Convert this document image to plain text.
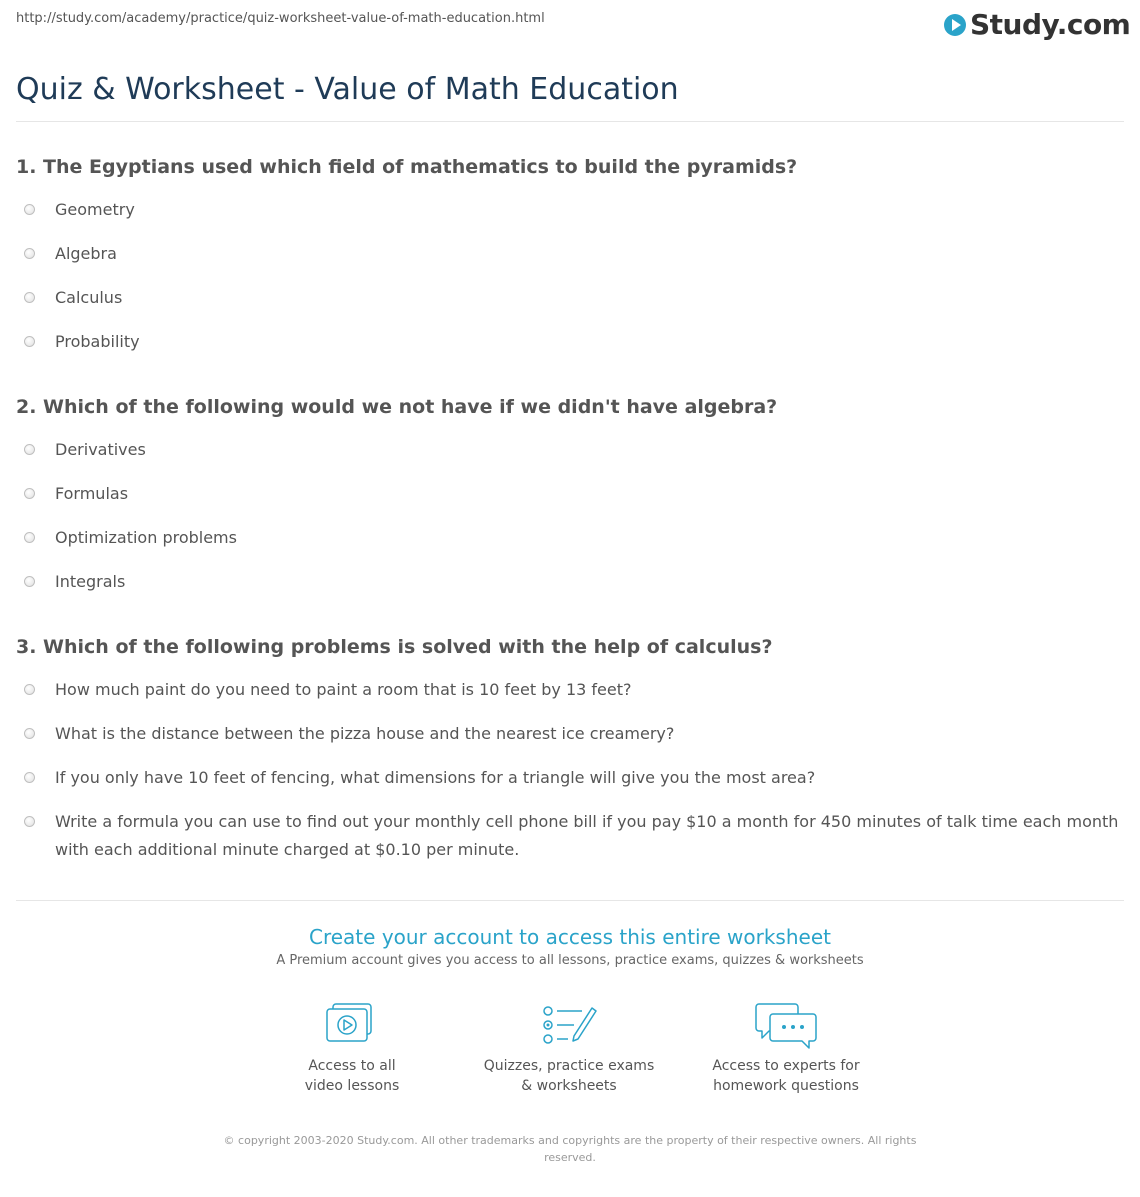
http://study.com/academy/practice/quiz-worksheet-value-of-math-education.html	Study.com
Quiz & Worksheet - Value of Math Education

1. The Egyptians used which field of mathematics to build the pyramids?

Geometry
Algebra
Calculus
Probability

2. Which of the following would we not have if we didn't have algebra?

Derivatives
Formulas
Optimization problems
Integrals

3. Which of the following problems is solved with the help of calculus?

How much paint do you need to paint a room that is 10 feet by 13 feet?
What is the distance between the pizza house and the nearest ice creamery?
If you only have 10 feet of fencing, what dimensions for a triangle will give you the most area?
Write a formula you can use to find out your monthly cell phone bill if you pay $10 a month for 450 minutes of talk time each month with each additional minute charged at $0.10 per minute.
Create your account to access this entire worksheet
A Premium account gives you access to all lessons, practice exams, quizzes & worksheets
Access to all
video lessons
Quizzes, practice exams
& worksheets
Access to experts for
homework questions
© copyright 2003-2020 Study.com. All other trademarks and copyrights are the property of their respective owners. All rights
reserved.
